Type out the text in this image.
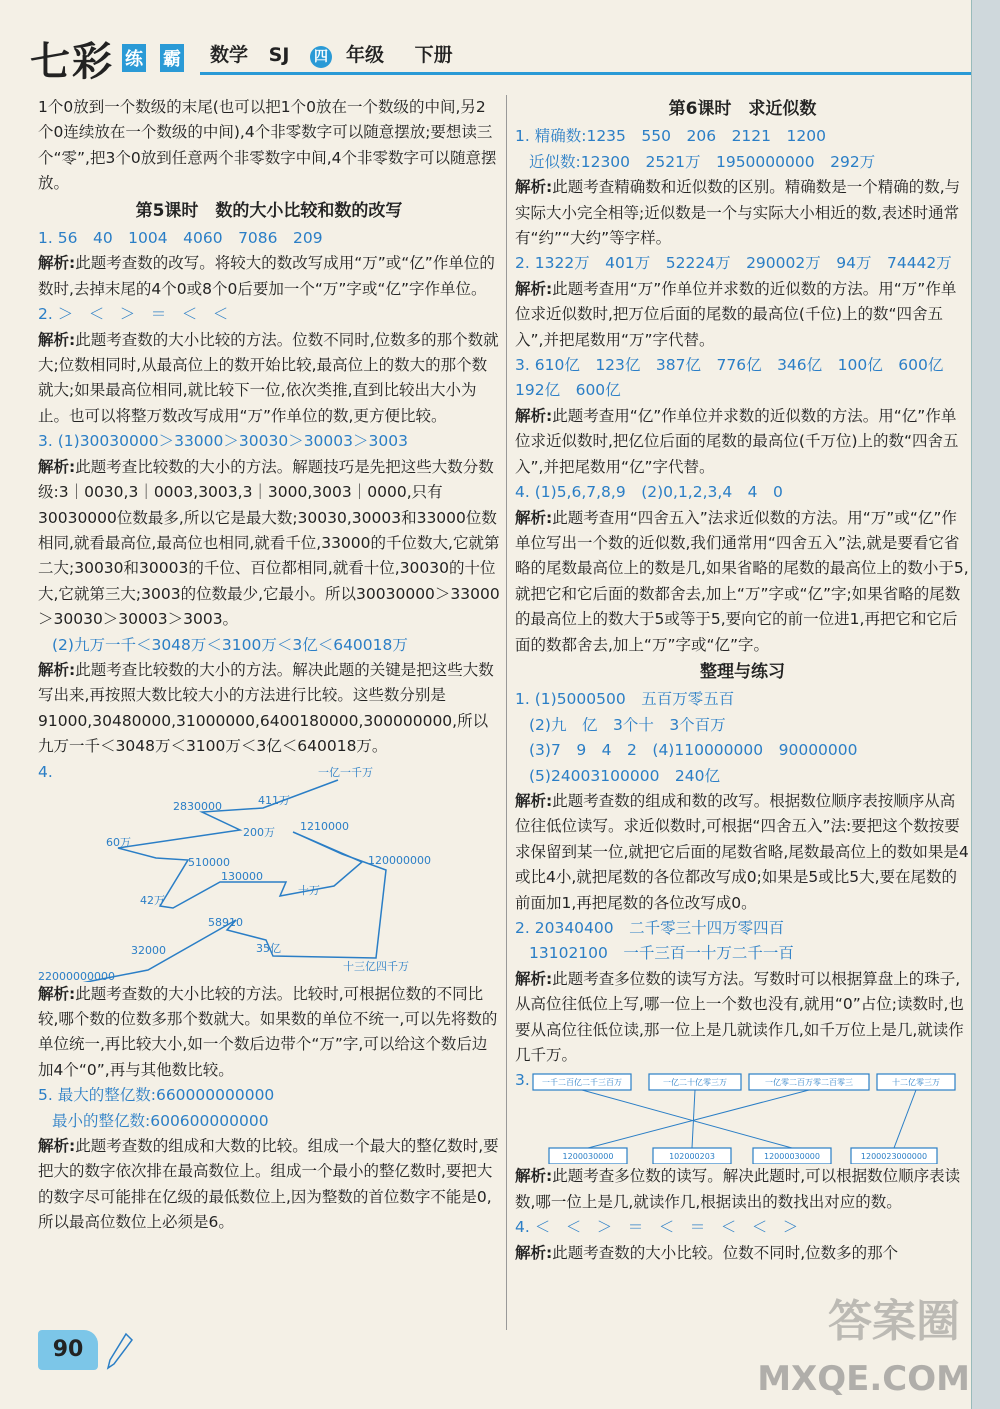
七彩 练 霸 数学 SJ 四 年级 下册

1个0放到一个数级的末尾(也可以把1个0放在一个数级的中间,另2个0连续放在一个数级的中间),4个非零数字可以随意摆放;要想读三个“零”,把3个0放到任意两个非零数字中间,4个非零数字可以随意摆放。

第5课时　数的大小比较和数的改写

1. 56　40　1004　4060　7086　209

解析:此题考查数的改写。将较大的数改写成用“万”或“亿”作单位的数时,去掉末尾的4个0或8个0后要加一个“万”字或“亿”字作单位。

2. ＞　＜　＞　＝　＜　＜

解析:此题考查数的大小比较的方法。位数不同时,位数多的那个数就大;位数相同时,从最高位上的数开始比较,最高位上的数大的那个数就大;如果最高位相同,就比较下一位,依次类推,直到比较出大小为止。也可以将整万数改写成用“万”作单位的数,更方便比较。

3. (1)30030000＞33000＞30030＞30003＞3003

解析:此题考查比较数的大小的方法。解题技巧是先把这些大数分数级:3｜0030,3｜0003,3003,3｜3000,3003｜0000,只有30030000位数最多,所以它是最大数;30030,30003和33000位数相同,就看最高位,最高位也相同,就看千位,33000的千位数大,它就第二大;30030和30003的千位、百位都相同,就看十位,30030的十位大,它就第三大;3003的位数最少,它最小。所以30030000＞33000＞30030＞30003＞3003。

(2)九万一千＜3048万＜3100万＜3亿＜640018万

解析:此题考查比较数的大小的方法。解决此题的关键是把这些大数写出来,再按照大数比较大小的方法进行比较。这些数分别是91000,30480000,31000000,6400180000,300000000,所以九万一千＜3048万＜3100万＜3亿＜640018万。

4.	一亿一千万
411万
2830000
200万 1210000
60万
510000	120000000
130000
十万
42万
58910
32000	35亿
十三亿四千万
22000000000

解析:此题考查数的大小比较的方法。比较时,可根据位数的不同比较,哪个数的位数多那个数就大。如果数的单位不统一,可以先将数的单位统一,再比较大小,如一个数后边带个“万”字,可以给这个数后边加4个“0”,再与其他数比较。

5. 最大的整亿数:660000000000

最小的整亿数:600600000000

解析:此题考查数的组成和大数的比较。组成一个最大的整亿数时,要把大的数字依次排在最高数位上。组成一个最小的整亿数时,要把大的数字尽可能排在亿级的最低数位上,因为整数的首位数字不能是0,所以最高位数位上必须是6。

第6课时　求近似数

1. 精确数:1235　550　206　2121　1200

近似数:12300　2521万　1950000000　292万

解析:此题考查精确数和近似数的区别。精确数是一个精确的数,与实际大小完全相等;近似数是一个与实际大小相近的数,表述时通常有“约”“大约”等字样。

2. 1322万　401万　52224万　290002万　94万　74442万

解析:此题考查用“万”作单位并求数的近似数的方法。用“万”作单位求近似数时,把万位后面的尾数的最高位(千位)上的数“四舍五入”,并把尾数用“万”字代替。

3. 610亿　123亿　387亿　776亿　346亿　100亿　600亿　192亿　600亿

解析:此题考查用“亿”作单位并求数的近似数的方法。用“亿”作单位求近似数时,把亿位后面的尾数的最高位(千万位)上的数“四舍五入”,并把尾数用“亿”字代替。

4. (1)5,6,7,8,9　(2)0,1,2,3,4　4　0

解析:此题考查用“四舍五入”法求近似数的方法。用“万”或“亿”作单位写出一个数的近似数,我们通常用“四舍五入”法,就是要看它省略的尾数最高位上的数是几,如果省略的尾数的最高位上的数小于5,就把它和它后面的数都舍去,加上“万”字或“亿”字;如果省略的尾数的最高位上的数大于5或等于5,要向它的前一位进1,再把它和它后面的数都舍去,加上“万”字或“亿”字。

整理与练习

1. (1)5000500　五百万零五百

(2)九　亿　3个十　3个百万

(3)7　9　4　2　(4)110000000　90000000

(5)24003100000　240亿

解析:此题考查数的组成和数的改写。根据数位顺序表按顺序从高位往低位读写。求近似数时,可根据“四舍五入”法:要把这个数按要求保留到某一位,就把它后面的尾数省略,尾数最高位上的数如果是4或比4小,就把尾数的各位都改写成0;如果是5或比5大,要在尾数的前面加1,再把尾数的各位改写成0。

2. 20340400　二千零三十四万零四百

13102100　一千三百一十万二千一百

解析:此题考查多位数的读写方法。写数时可以根据算盘上的珠子,从高位往低位上写,哪一位上一个数也没有,就用“0”占位;读数时,也要从高位往低位读,那一位上是几就读作几,如千万位上是几,就读作几千万。

3. 一千二百亿二千三百万	一亿二十亿零三万	一亿零二百万零二百零三	十二亿零三万
1200030000	102000203	12000030000	1200023000000

解析:此题考查多位数的读写。解决此题时,可以根据数位顺序表读数,哪一位上是几,就读作几,根据读出的数找出对应的数。

4. ＜　＜　＞　＝　＜　＝　＜　＜　＞

解析:此题考查数的大小比较。位数不同时,位数多的那个

90
答案圈
MXQE.COM
